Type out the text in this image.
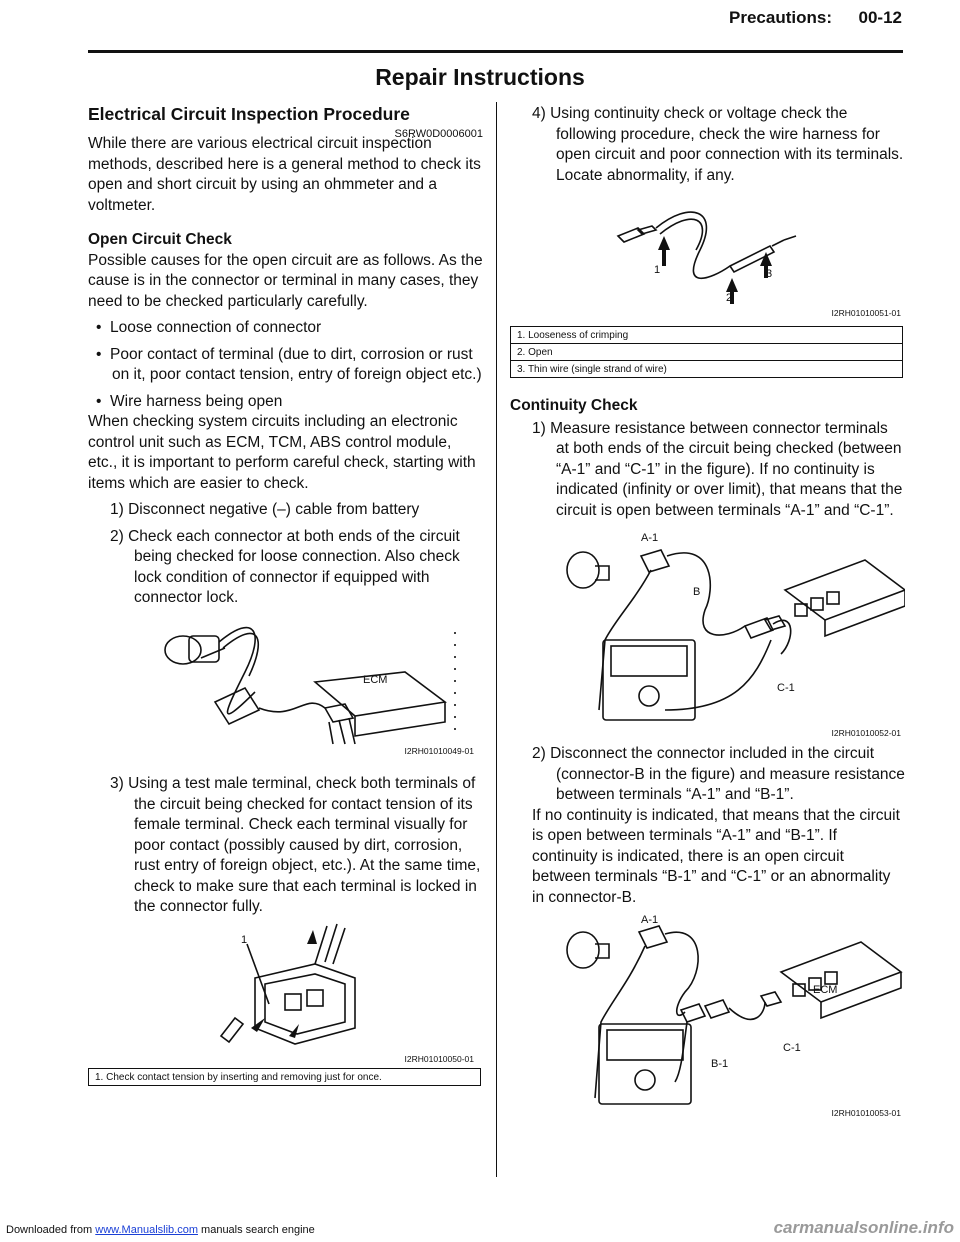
Precautions: 00-12
Repair Instructions
Electrical Circuit Inspection Procedure
S6RW0D0006001

While there are various electrical circuit inspection methods, described here is a general method to check its open and short circuit by using an ohmmeter and a voltmeter.

Open Circuit Check

Possible causes for the open circuit are as follows. As the cause is in the connector or terminal in many cases, they need to be checked particularly carefully.

•  Loose connection of connector

•  Poor contact of terminal (due to dirt, corrosion or rust on it, poor contact tension, entry of foreign object etc.)

•  Wire harness being open

When checking system circuits including an electronic control unit such as ECM, TCM, ABS control module, etc., it is important to perform careful check, starting with items which are easier to check.

1) Disconnect negative (–) cable from battery

2) Check each connector at both ends of the circuit being checked for loose connection. Also check lock condition of connector if equipped with connector lock.

ECM
I2RH01010049-01

3) Using a test male terminal, check both terminals of the circuit being checked for contact tension of its female terminal. Check each terminal visually for poor contact (possibly caused by dirt, corrosion, rust entry of foreign object, etc.). At the same time, check to make sure that each terminal is locked in the connector fully.

1
I2RH01010050-01
1. Check contact tension by inserting and removing just for once.

4) Using continuity check or voltage check the following procedure, check the wire harness for open circuit and poor connection with its terminals. Locate abnormality, if any.

1
2
3
I2RH01010051-01
1. Looseness of crimping
2. Open
3. Thin wire (single strand of wire)

Continuity Check

1) Measure resistance between connector terminals at both ends of the circuit being checked (between “A-1” and “C-1” in the figure). If no continuity is indicated (infinity or over limit), that means that the circuit is open between terminals “A-1” and “C-1”.

A-1
B
C-1
I2RH01010052-01

2) Disconnect the connector included in the circuit (connector-B in the figure) and measure resistance between terminals “A-1” and “B-1”.

If no continuity is indicated, that means that the circuit is open between terminals “A-1” and “B-1”. If continuity is indicated, there is an open circuit between terminals “B-1” and “C-1” or an abnormality in connector-B.

A-1
ECM
C-1
B-1
I2RH01010053-01
Downloaded from www.Manualslib.com manuals search engine	carmanualsonline.info
